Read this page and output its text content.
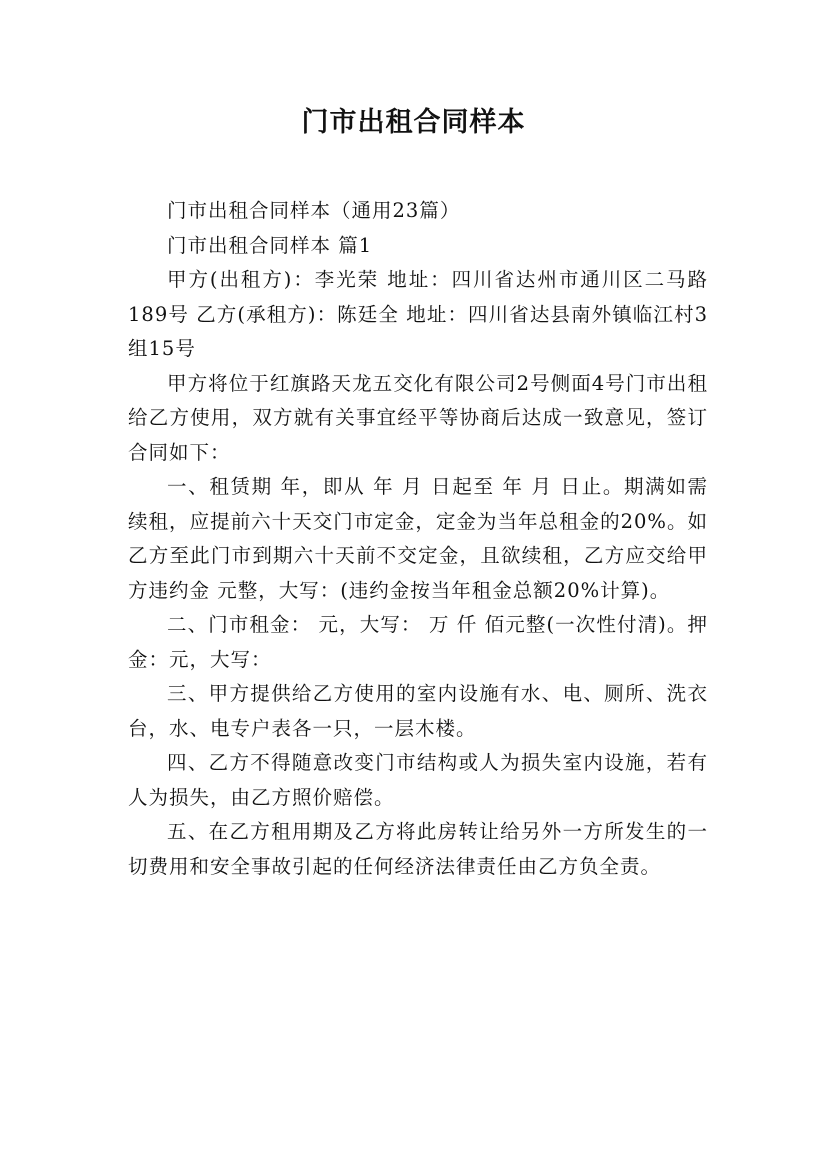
门市出租合同样本

门市出租合同样本（通用23篇）

门市出租合同样本 篇1

甲方(出租方)：李光荣 地址：四川省达州市通川区二马路189号 乙方(承租方)：陈廷全 地址：四川省达县南外镇临江村3组15号

甲方将位于红旗路天龙五交化有限公司2号侧面4号门市出租给乙方使用，双方就有关事宜经平等协商后达成一致意见，签订合同如下：

一、租赁期 年，即从 年 月 日起至 年 月 日止。期满如需续租，应提前六十天交门市定金，定金为当年总租金的20%。如乙方至此门市到期六十天前不交定金，且欲续租，乙方应交给甲方违约金 元整，大写：(违约金按当年租金总额20%计算)。

二、门市租金： 元，大写： 万 仟 佰元整(一次性付清)。押金：元，大写：

三、甲方提供给乙方使用的室内设施有水、电、厕所、洗衣台，水、电专户表各一只，一层木楼。

四、乙方不得随意改变门市结构或人为损失室内设施，若有人为损失，由乙方照价赔偿。

五、在乙方租用期及乙方将此房转让给另外一方所发生的一切费用和安全事故引起的任何经济法律责任由乙方负全责。
